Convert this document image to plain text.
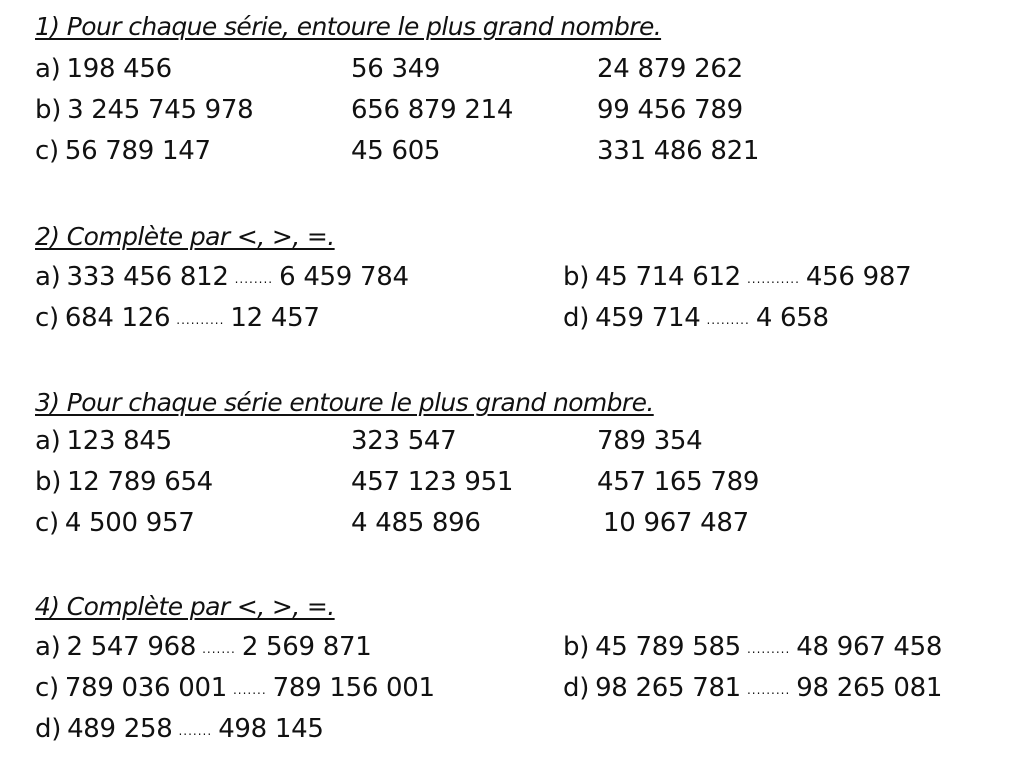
1) Pour chaque série, entoure le plus grand nombre.
a) 198 456	56 349	24 879 262
b) 3 245 745 978	656 879 214	99 456 789
c) 56 789 147	45 605	331 486 821
2) Complète par <, >, =.
a) 333 456 812 ........ 6 459 784	b) 45 714 612 ........... 456 987
c) 684 126 .......... 12 457	d) 459 714 ......... 4 658
3) Pour chaque série entoure le plus grand nombre.
a) 123 845	323 547	789 354
b) 12 789 654	457 123 951	457 165 789
c) 4 500 957	4 485 896	10 967 487
4) Complète par <, >, =.
a) 2 547 968 ....... 2 569 871	b) 45 789 585 ......... 48 967 458
c) 789 036 001 ....... 789 156 001	d) 98 265 781 ......... 98 265 081
d) 489 258 ....... 498 145
